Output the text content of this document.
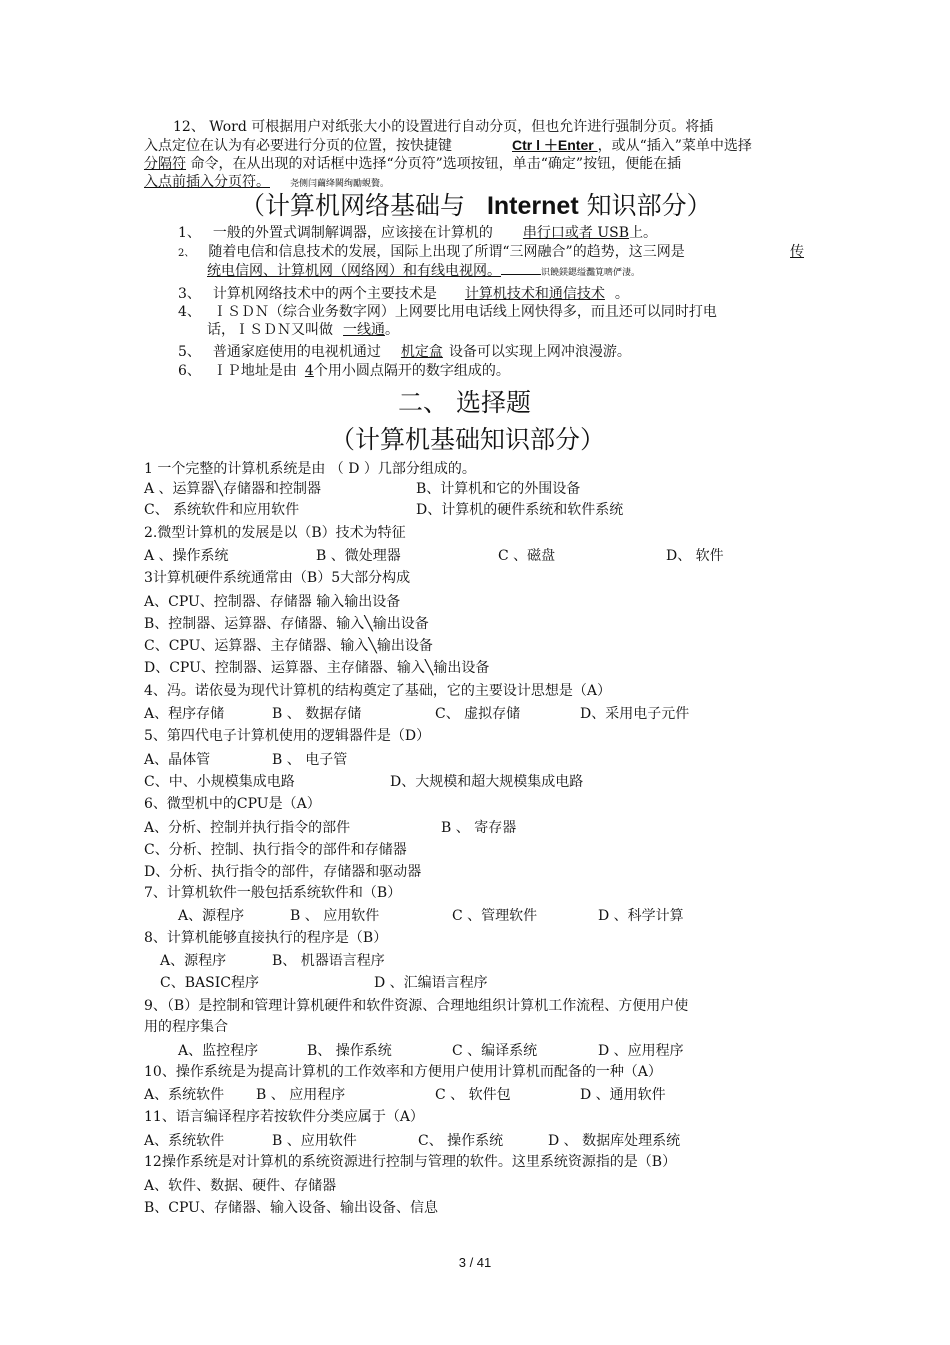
12、 Word 可根据用户对纸张大小的设置进行自动分页，但也允许进行强制分页。将插
入点定位在认为有必要进行分页的位置，按快捷键	Ctr l ＋Enter ，或从“插入”菜单中选择
分隔符 命令，在从出现的对话框中选择“分页符”选项按钮，单击“确定”按钮，便能在插
入点前插入分页符。 尧侧闫繭绛闕绚勵蜆贅。
（计算机网络基础与 Internet 知识部分）
1、 一般的外置式调制解调器，应该接在计算机的 串行口或者 USB上。
2、 随着电信和信息技术的发展，国际上出现了所谓“三网融合”的趋势，这三网是	传
统电信网、计算机网（网络网）和有线电视网。	识饒鎂鍶缢灩筧嚌俨淒。
3、 计算机网络技术中的两个主要技术是 计算机技术和通信技术 。
4、 ＩＳＤＮ（综合业务数字网）上网要比用电话线上网快得多，而且还可以同时打电
话，ＩＳＤＮ又叫做 一线通。
5、 普通家庭使用的电视机通过 机定盒 设备可以实现上网冲浪漫游。
6、 ＩＰ地址是由 4个用小圆点隔开的数字组成的。
二、 选择题
（计算机基础知识部分）
1 一个完整的计算机系统是由 （ D ）几部分组成的。
A 、运算器╲存储器和控制器	B、计算机和它的外围设备
C、 系统软件和应用软件	D、计算机的硬件系统和软件系统
2.微型计算机的发展是以（B）技术为特征
A 、操作系统	B 、微处理器	C 、磁盘	D、 软件
3计算机硬件系统通常由（B）5大部分构成
A、CPU、控制器、存储器 输入输出设备
B、控制器、运算器、存储器、输入╲输出设备
C、CPU、运算器、主存储器、输入╲输出设备
D、CPU、控制器、运算器、主存储器、输入╲输出设备
4、冯。诺依曼为现代计算机的结构奠定了基础，它的主要设计思想是（A）
A、程序存储	B 、 数据存储	C、 虚拟存储	D、采用电子元件
5、第四代电子计算机使用的逻辑器件是（D）
A、晶体管	B 、 电子管
C、中、小规模集成电路	D、大规模和超大规模集成电路
6、微型机中的CPU是（A）
A、分析、控制并执行指令的部件	B 、 寄存器
C、分析、控制、执行指令的部件和存储器
D、分析、执行指令的部件，存储器和驱动器
7、计算机软件一般包括系统软件和（B）
A、源程序	B 、 应用软件	C 、管理软件	D 、科学计算
8、计算机能够直接执行的程序是（B）
A、源程序	B、 机器语言程序
C、BASIC程序	D 、汇编语言程序
9、（B）是控制和管理计算机硬件和软件资源、合理地组织计算机工作流程、方便用户使
用的程序集合
A、监控程序	B、 操作系统	C 、编译系统	D 、应用程序
10、操作系统是为提高计算机的工作效率和方便用户使用计算机而配备的一种（A）
A、系统软件 B 、 应用程序	C 、 软件包	D 、通用软件
11、语言编译程序若按软件分类应属于（A）
A、系统软件	B 、应用软件	C、 操作系统	D 、 数据库处理系统
12操作系统是对计算机的系统资源进行控制与管理的软件。这里系统资源指的是（B）
A、软件、数据、硬件、存储器
B、CPU、存储器、输入设备、输出设备、信息
3 / 41
